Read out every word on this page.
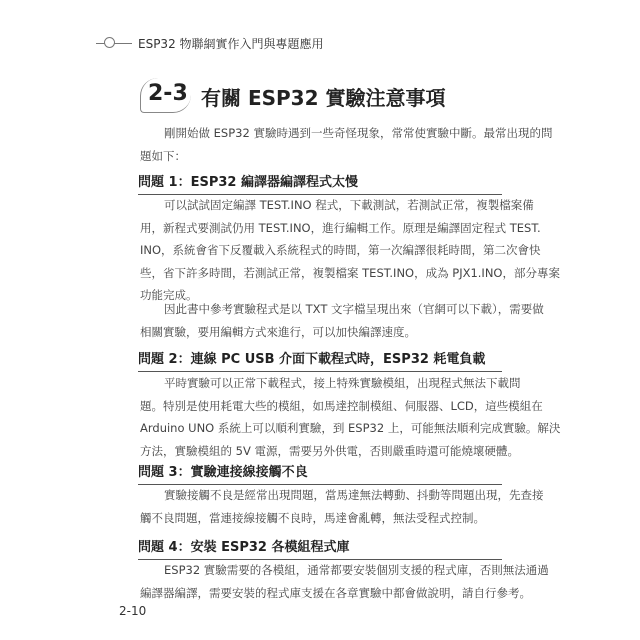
ESP32 物聯網實作入門與專題應用
2-3 有關 ESP32 實驗注意事項

剛開始做 ESP32 實驗時遇到一些奇怪現象，常常使實驗中斷。最常出現的問
題如下：

問題 1：ESP32 編譯器編譯程式太慢

可以試試固定編譯 TEST.INO 程式，下載測試，若測試正常，複製檔案備
用，新程式要測試仍用 TEST.INO，進行編輯工作。原理是編譯固定程式 TEST.
INO，系統會省下反覆載入系統程式的時間，第一次編譯很耗時間，第二次會快
些，省下許多時間，若測試正常，複製檔案 TEST.INO，成為 PJX1.INO，部分專案
功能完成。

因此書中參考實驗程式是以 TXT 文字檔呈現出來（官網可以下載），需要做
相關實驗，要用編輯方式來進行，可以加快編譯速度。

問題 2：連線 PC USB 介面下載程式時，ESP32 耗電負載

平時實驗可以正常下載程式，接上特殊實驗模組，出現程式無法下載問
題。特別是使用耗電大些的模組，如馬達控制模組、伺服器、LCD，這些模組在
Arduino UNO 系統上可以順利實驗，到 ESP32 上，可能無法順利完成實驗。解決
方法，實驗模組的 5V 電源，需要另外供電，否則嚴重時還可能燒壞硬體。

問題 3：實驗連接線接觸不良

實驗接觸不良是經常出現問題，當馬達無法轉動、抖動等問題出現，先查接
觸不良問題，當連接線接觸不良時，馬達會亂轉，無法受程式控制。

問題 4：安裝 ESP32 各模組程式庫

ESP32 實驗需要的各模組，通常都要安裝個別支援的程式庫，否則無法通過
編譯器編譯，需要安裝的程式庫支援在各章實驗中都會做說明，請自行參考。

2-10
